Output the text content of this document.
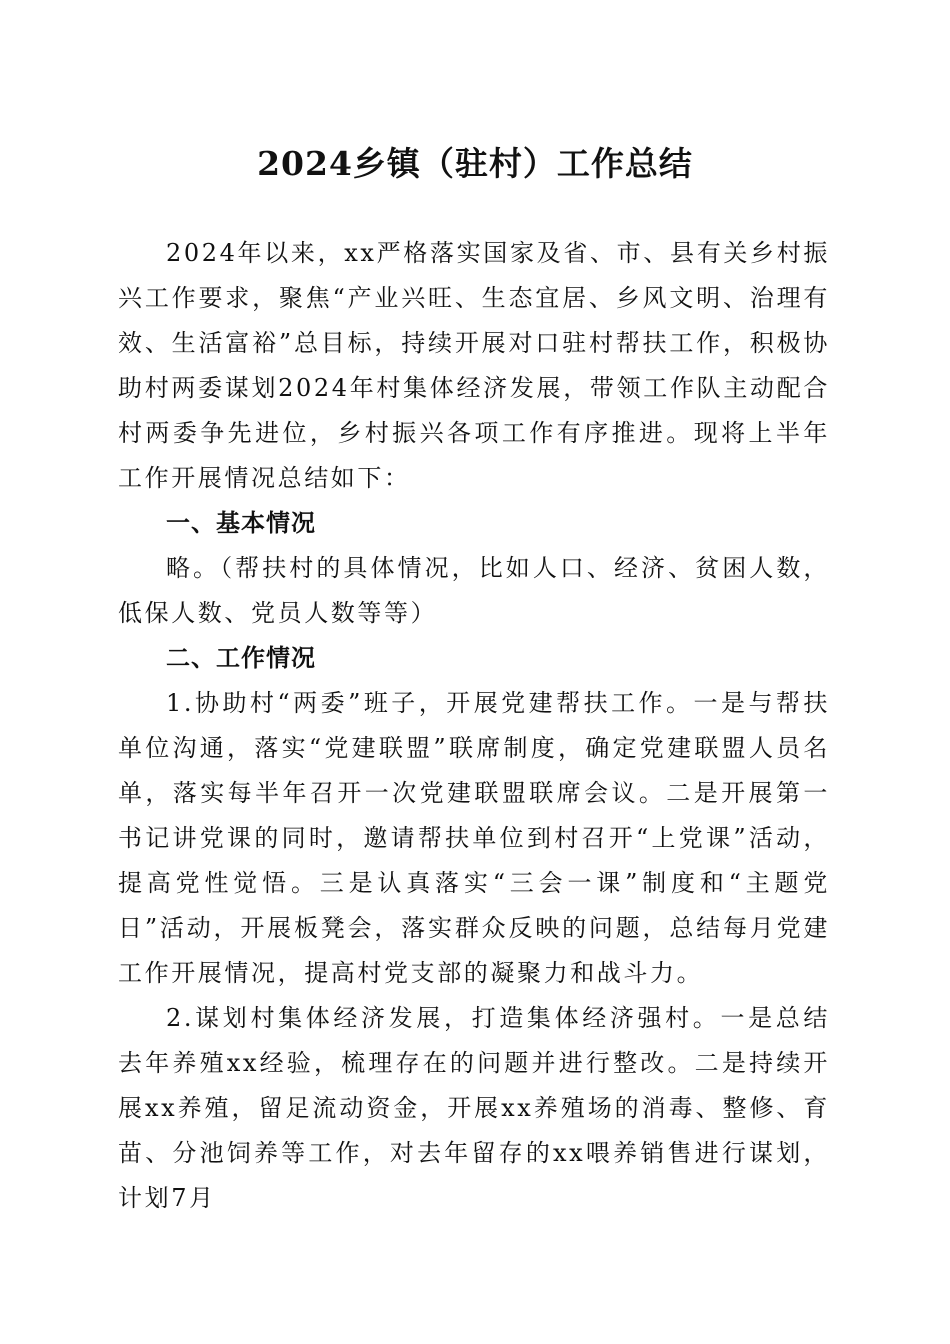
2024乡镇（驻村）工作总结

2024年以来，xx严格落实国家及省、市、县有关乡村振兴工作要求，聚焦“产业兴旺、生态宜居、乡风文明、治理有效、生活富裕”总目标，持续开展对口驻村帮扶工作，积极协助村两委谋划2024年村集体经济发展，带领工作队主动配合村两委争先进位，乡村振兴各项工作有序推进。现将上半年工作开展情况总结如下：

一、基本情况

略。（帮扶村的具体情况，比如人口、经济、贫困人数，低保人数、党员人数等等）

二、工作情况

1.协助村“两委”班子，开展党建帮扶工作。一是与帮扶单位沟通，落实“党建联盟”联席制度，确定党建联盟人员名单，落实每半年召开一次党建联盟联席会议。二是开展第一书记讲党课的同时，邀请帮扶单位到村召开“上党课”活动，提高党性觉悟。三是认真落实“三会一课”制度和“主题党日”活动，开展板凳会，落实群众反映的问题，总结每月党建工作开展情况，提高村党支部的凝聚力和战斗力。

2.谋划村集体经济发展，打造集体经济强村。一是总结去年养殖xx经验，梳理存在的问题并进行整改。二是持续开展xx养殖，留足流动资金，开展xx养殖场的消毒、整修、育苗、分池饲养等工作，对去年留存的xx喂养销售进行谋划，计划7月
